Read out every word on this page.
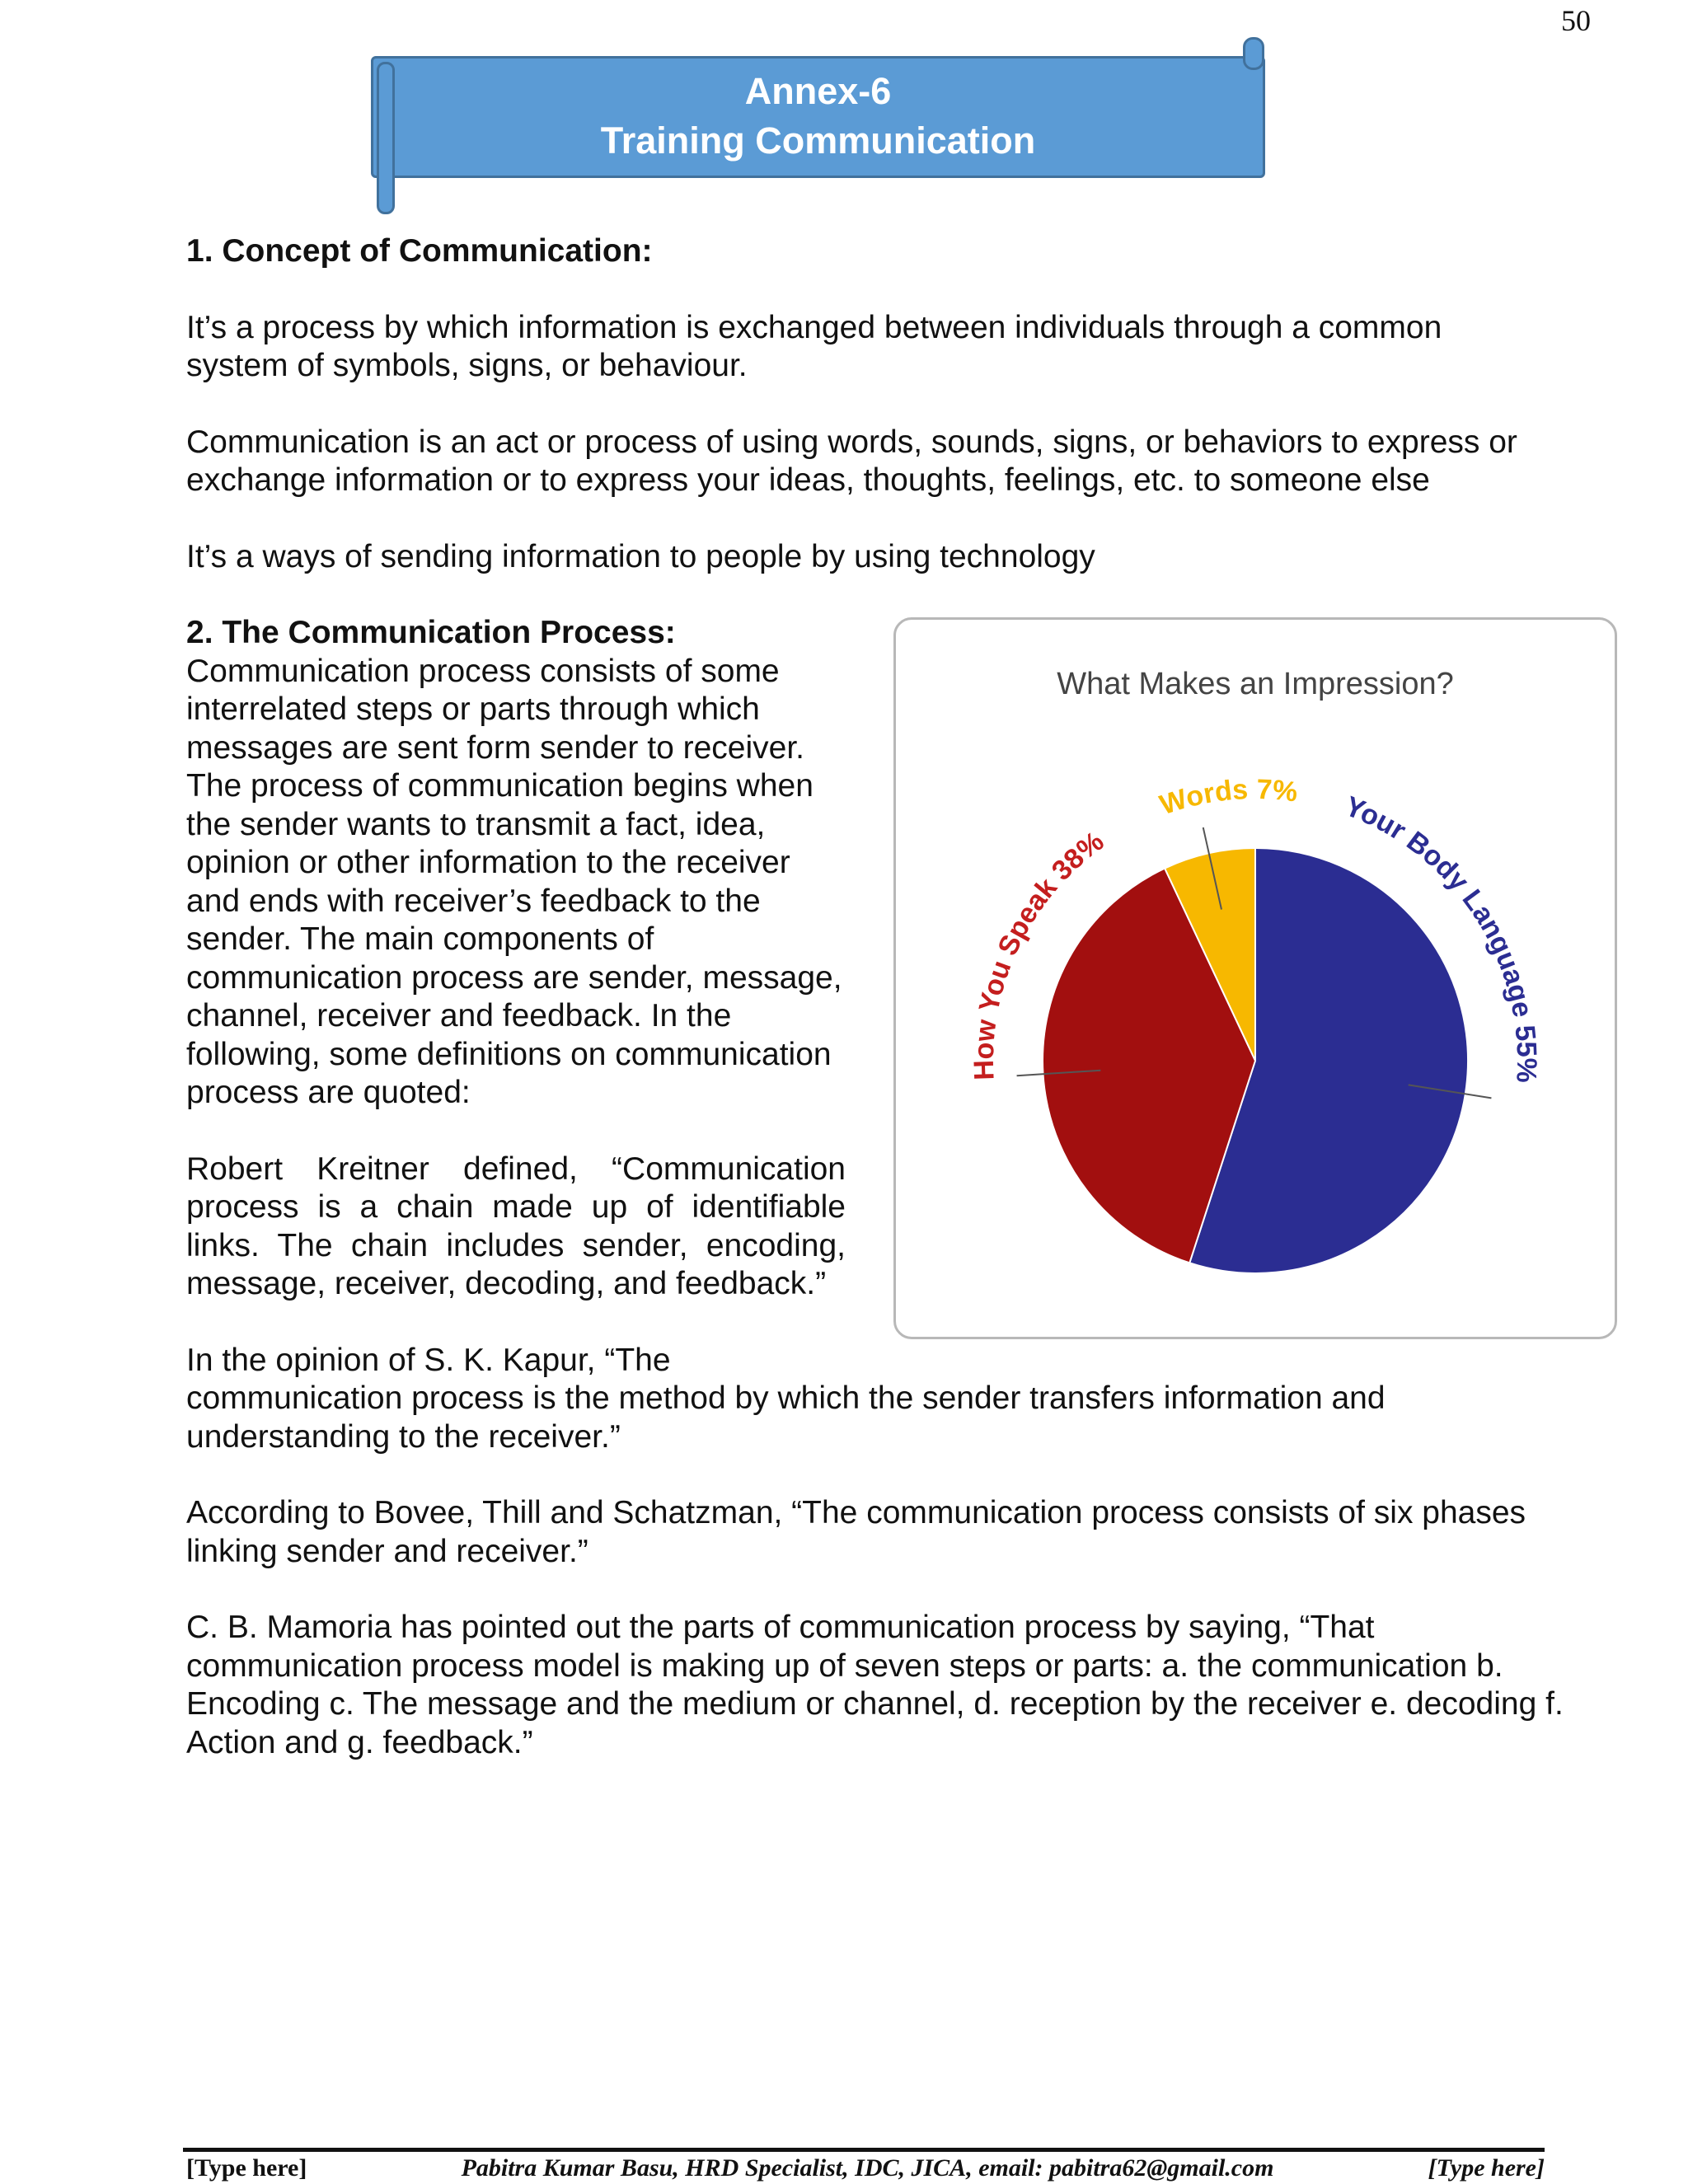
50
Annex-6
Training Communication
1. Concept of Communication:

It’s a process by which information is exchanged between individuals through a common system of symbols, signs, or behaviour.

Communication is an act or process of using words, sounds, signs, or behaviors to express or exchange information or to express your ideas, thoughts, feelings, etc. to someone else

It’s a ways of sending information to people by using technology

What Makes an Impression?
How You Speak 38%
Words 7% Your Body Language 55%
2. The Communication Process:

Communication process consists of some interrelated steps or parts through which messages are sent form sender to receiver. The process of communication begins when the sender wants to transmit a fact, idea, opinion or other information to the receiver and ends with receiver’s feedback to the sender. The main components of communication process are sender, message, channel, receiver and feedback. In the following, some definitions on communication process are quoted:

Robert Kreitner defined, “Communication process is a chain made up of identifiable links. The chain includes sender, encoding, message, receiver, decoding, and feedback.”

In the opinion of S. K. Kapur, “The communication process is the method by which the sender transfers information and understanding to the receiver.”

According to Bovee, Thill and Schatzman, “The communication process consists of six phases linking sender and receiver.”

C. B. Mamoria has pointed out the parts of communication process by saying, “That communication process model is making up of seven steps or parts: a. the communication b. Encoding c. The message and the medium or channel, d. reception by the receiver e. decoding f. Action and g. feedback.”

[Type here]	Pabitra Kumar Basu, HRD Specialist, IDC, JICA, email: pabitra62@gmail.com	[Type here]
